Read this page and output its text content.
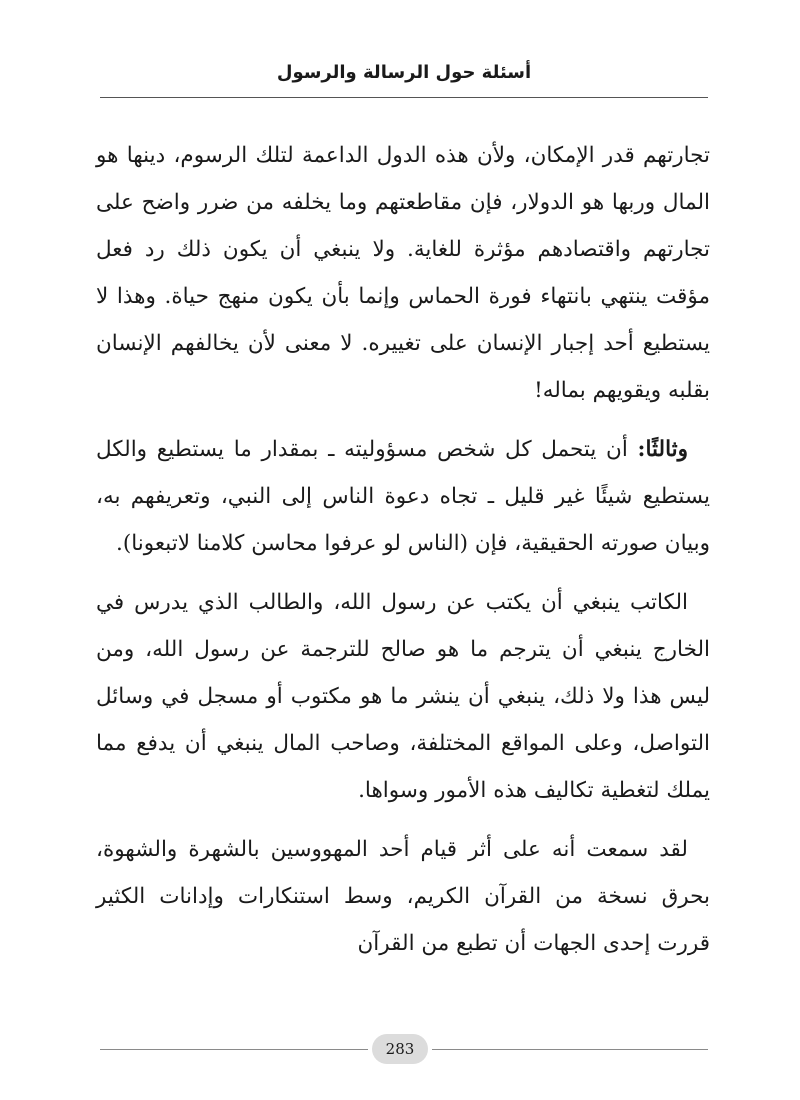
أسئلة حول الرسالة والرسول

تجارتهم قدر الإمكان، ولأن هذه الدول الداعمة لتلك الرسوم، دينها هو المال وربها هو الدولار، فإن مقاطعتهم وما يخلفه من ضرر واضح على تجارتهم واقتصادهم مؤثرة للغاية. ولا ينبغي أن يكون ذلك رد فعل مؤقت ينتهي بانتهاء فورة الحماس وإنما بأن يكون منهج حياة. وهذا لا يستطيع أحد إجبار الإنسان على تغييره. لا معنى لأن يخالفهم الإنسان بقلبه ويقويهم بماله!

وثالثًا: أن يتحمل كل شخص مسؤوليته ـ بمقدار ما يستطيع والكل يستطيع شيئًا غير قليل ـ تجاه دعوة الناس إلى النبي، وتعريفهم به، وبيان صورته الحقيقية، فإن (الناس لو عرفوا محاسن كلامنا لاتبعونا).

الكاتب ينبغي أن يكتب عن رسول الله، والطالب الذي يدرس في الخارج ينبغي أن يترجم ما هو صالح للترجمة عن رسول الله، ومن ليس هذا ولا ذلك، ينبغي أن ينشر ما هو مكتوب أو مسجل في وسائل التواصل، وعلى المواقع المختلفة، وصاحب المال ينبغي أن يدفع مما يملك لتغطية تكاليف هذه الأمور وسواها.

لقد سمعت أنه على أثر قيام أحد المهووسين بالشهرة والشهوة، بحرق نسخة من القرآن الكريم، وسط استنكارات وإدانات الكثير قررت إحدى الجهات أن تطبع من القرآن

283
